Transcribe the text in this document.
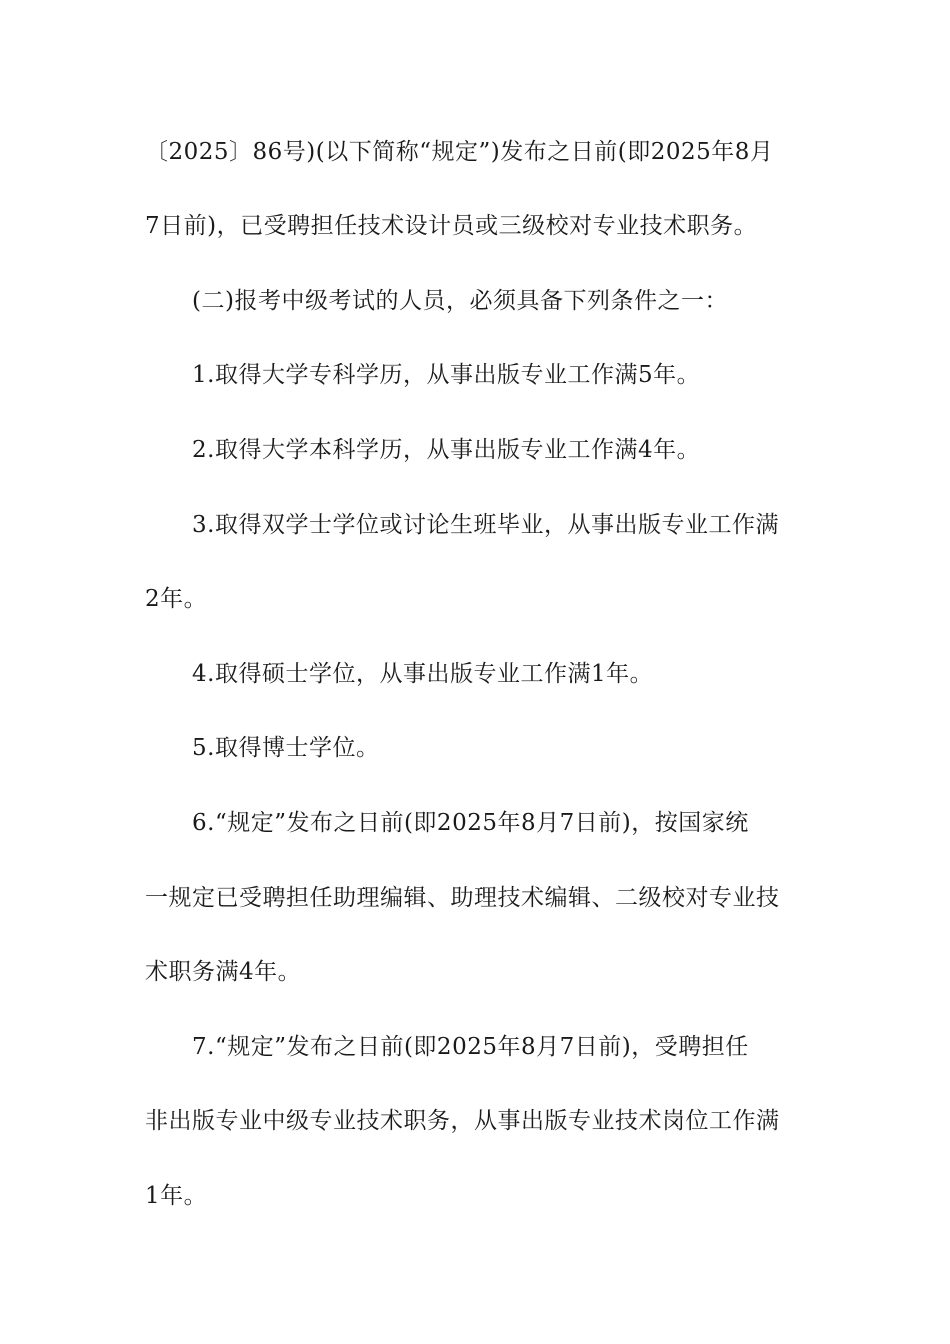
〔2025〕86号)(以下简称“规定”)发布之日前(即2025年8月
7日前)，已受聘担任技术设计员或三级校对专业技术职务。
(二)报考中级考试的人员，必须具备下列条件之一：
1.取得大学专科学历，从事出版专业工作满5年。
2.取得大学本科学历，从事出版专业工作满4年。
3.取得双学士学位或讨论生班毕业，从事出版专业工作满
2年。
4.取得硕士学位，从事出版专业工作满1年。
5.取得博士学位。
6.“规定”发布之日前(即2025年8月7日前)，按国家统
一规定已受聘担任助理编辑、助理技术编辑、二级校对专业技
术职务满4年。
7.“规定”发布之日前(即2025年8月7日前)，受聘担任
非出版专业中级专业技术职务，从事出版专业技术岗位工作满
1年。
